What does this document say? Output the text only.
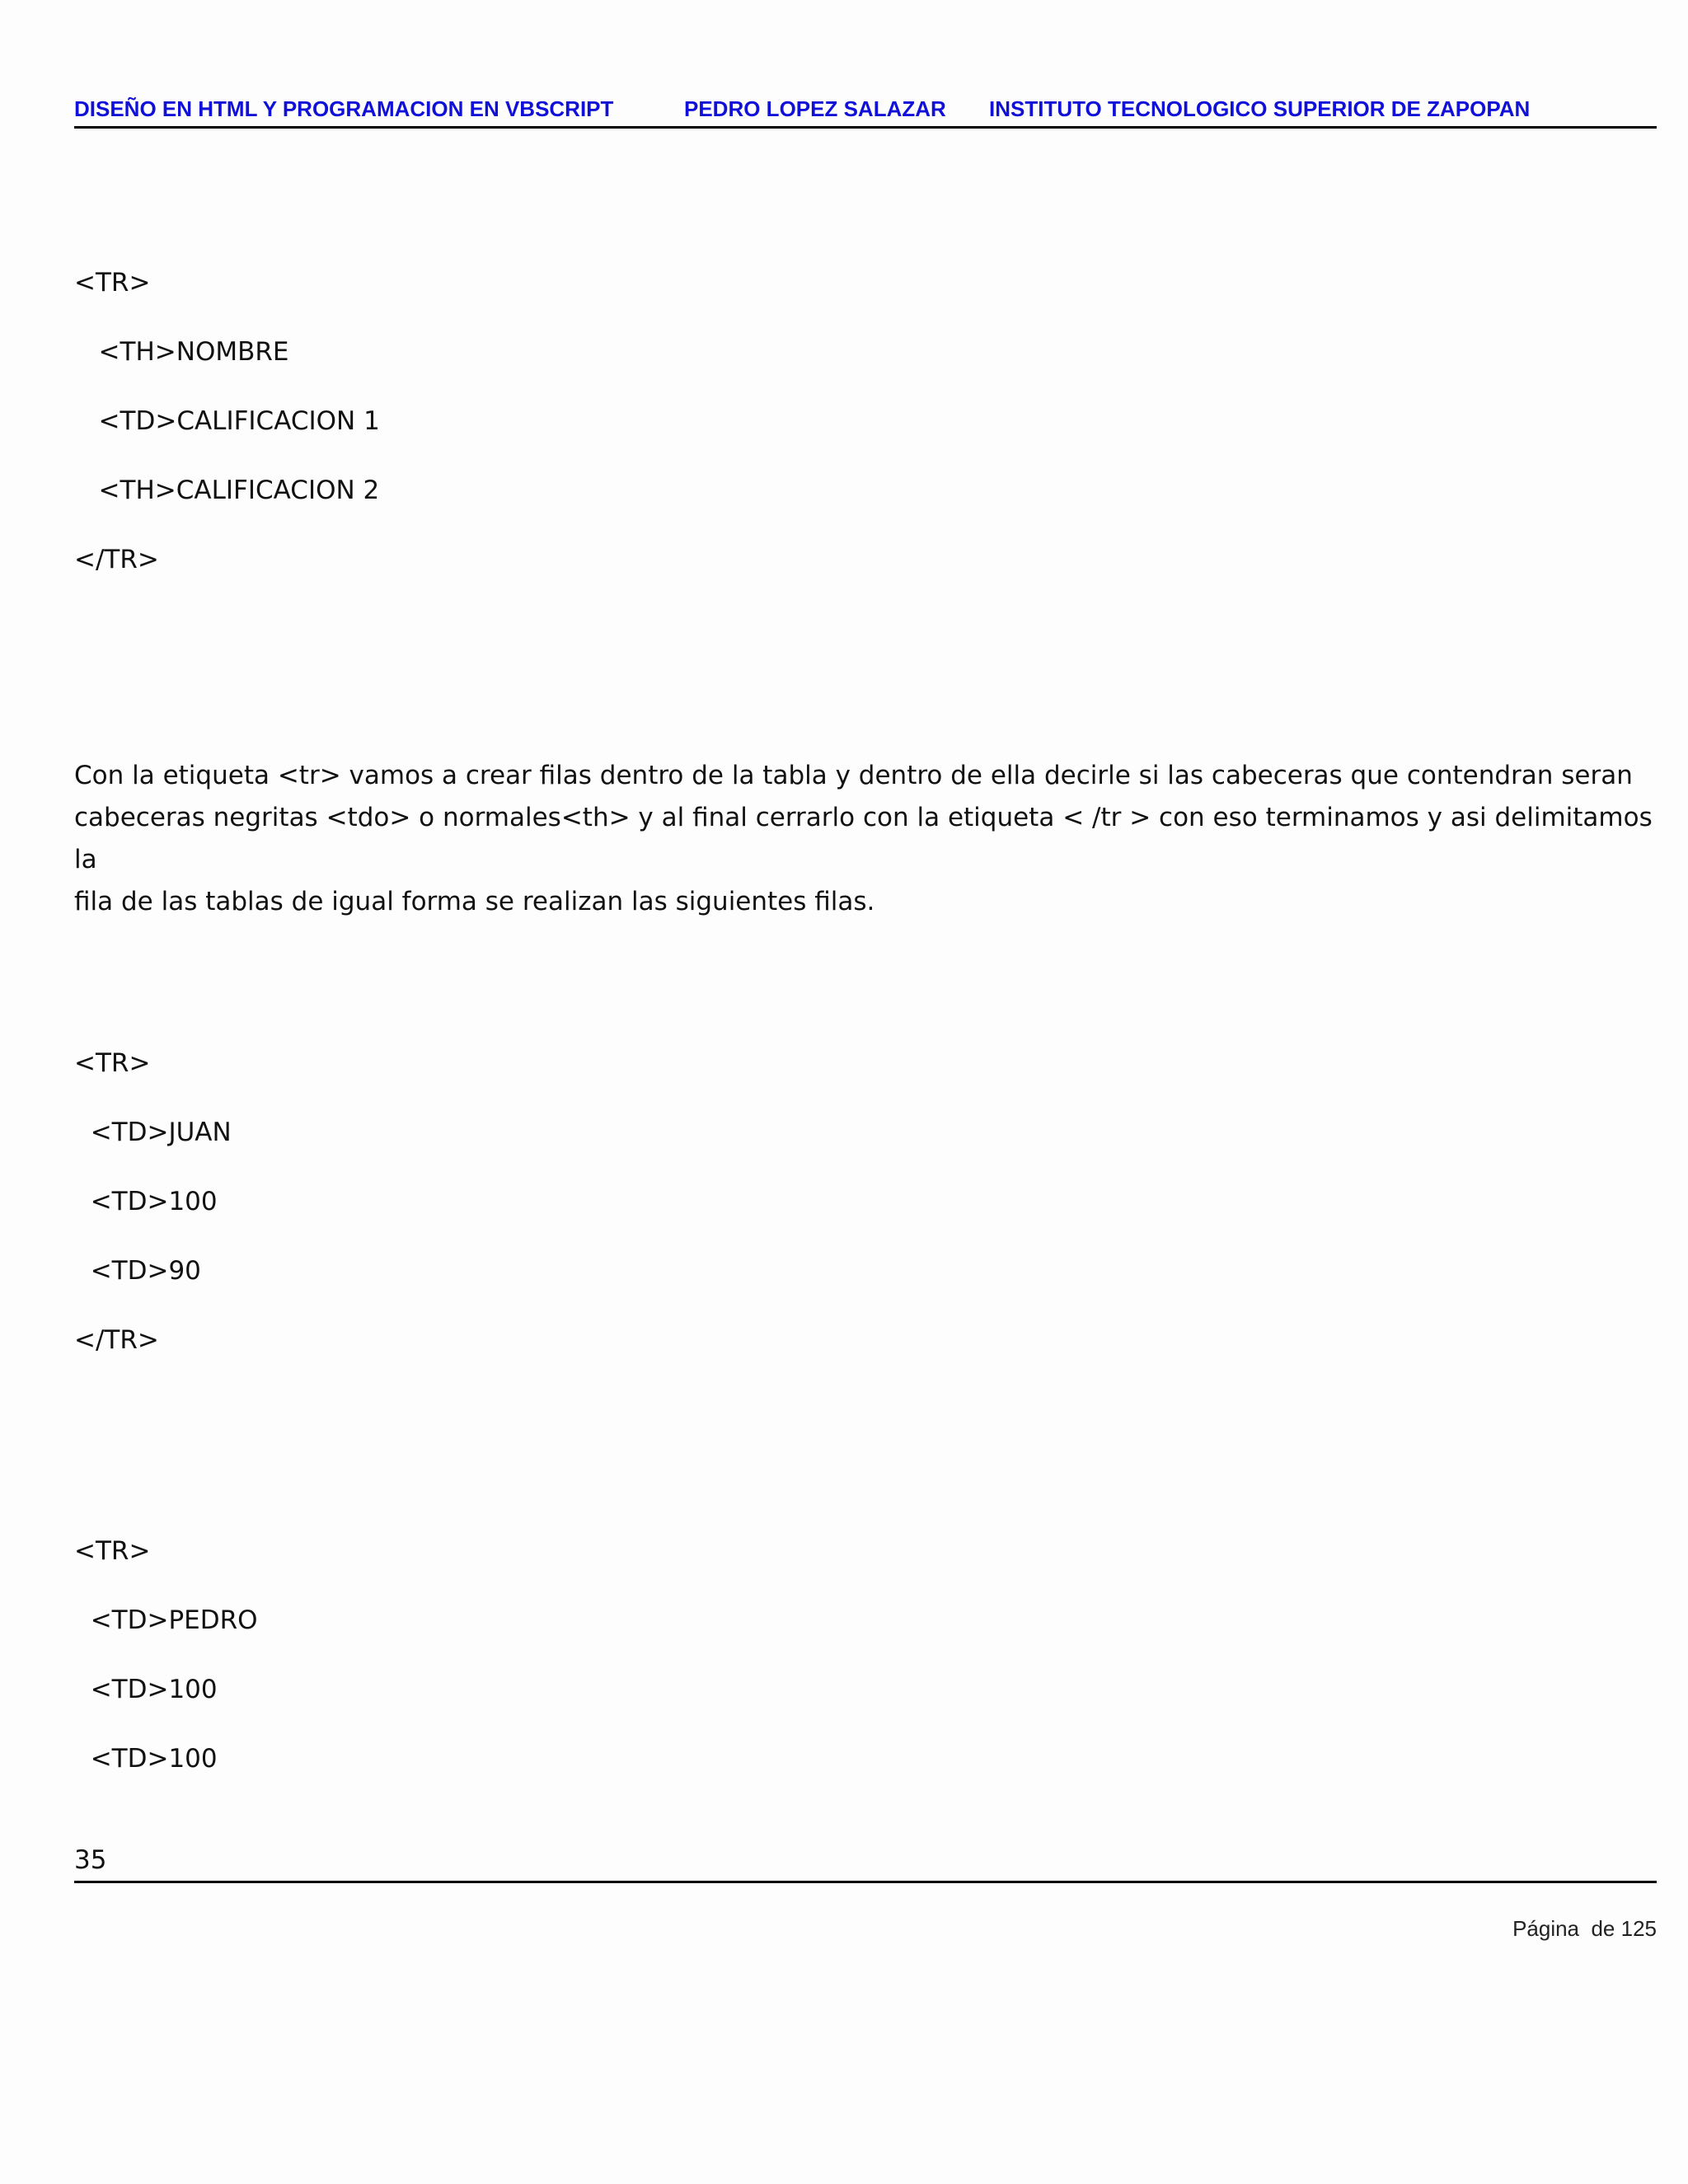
DISEÑO EN HTML Y PROGRAMACION EN VBSCRIPT	PEDRO LOPEZ SALAZAR INSTITUTO TECNOLOGICO SUPERIOR DE ZAPOPAN
<TR>
<TH>NOMBRE
<TD>CALIFICACION 1
<TH>CALIFICACION 2
</TR>
Con la etiqueta <tr> vamos a crear filas dentro de la tabla y dentro de ella decirle si las cabeceras que contendran seran
cabeceras negritas <tdo> o normales<th> y al final cerrarlo con la etiqueta < /tr > con eso terminamos y asi delimitamos la
fila de las tablas de igual forma se realizan las siguientes filas.
<TR>
<TD>JUAN
<TD>100
<TD>90
</TR>
<TR>
<TD>PEDRO
<TD>100
<TD>100
35
Página  de 125
